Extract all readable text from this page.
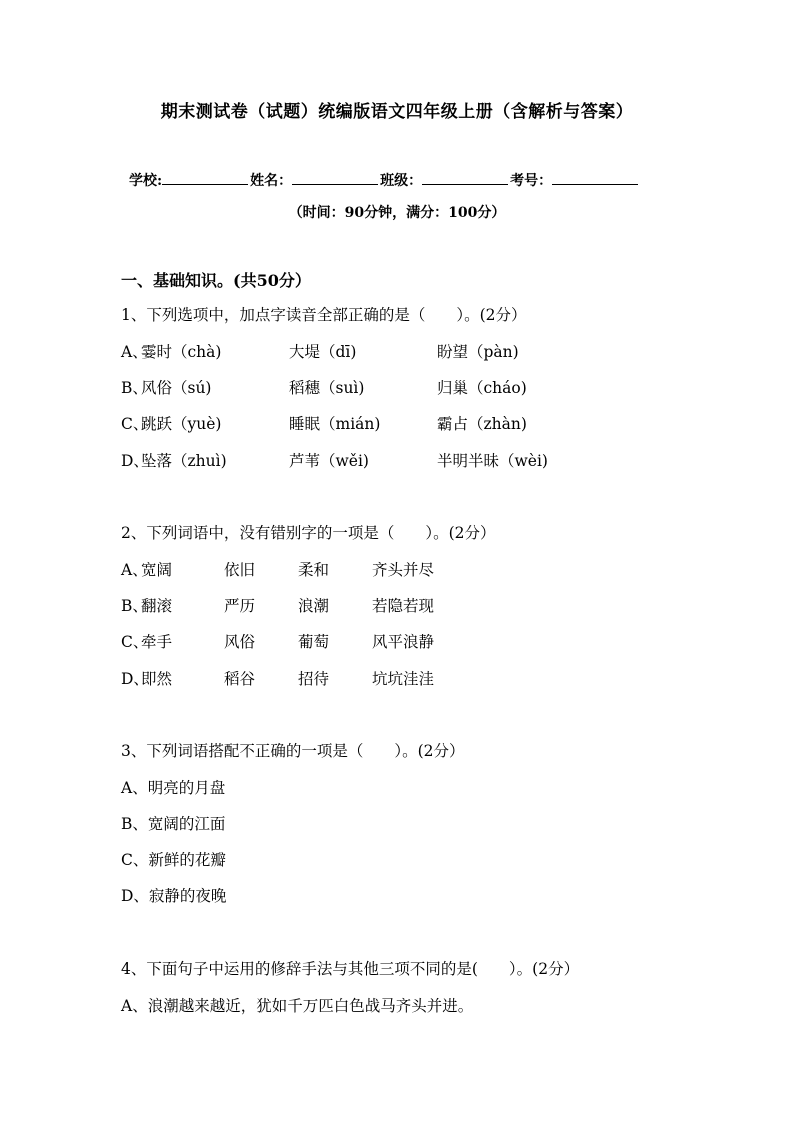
期末测试卷（试题）统编版语文四年级上册（含解析与答案）
学校:	姓名：	班级：	考号：
（时间：90分钟，满分：100分）
一、基础知识。(共50分）
1、下列选项中，加点字读音全部正确的是（　　）。(2分）
A、
霎时（chà)	大堤（dī)	盼望（pàn)
B、
风俗（sú)	稻穗（suì)	归巢（cháo)
C、
跳跃（yuè)	睡眠（mián)	霸占（zhàn)
D、
坠落（zhuì)	芦苇（wěi)	半明半昧（wèi)
2、下列词语中，没有错别字的一项是（　　）。(2分）
A、
宽阔	依旧	柔和	齐头并尽
B、
翻滚	严历	浪潮	若隐若现
C、
牵手	风俗	葡萄	风平浪静
D、
即然	稻谷	招待	坑坑洼洼
3、下列词语搭配不正确的一项是（　　）。(2分）
A、明亮的月盘
B、宽阔的江面
C、新鲜的花瓣
D、寂静的夜晚
4、下面句子中运用的修辞手法与其他三项不同的是(　　）。(2分）
A、浪潮越来越近，犹如千万匹白色战马齐头并进。
